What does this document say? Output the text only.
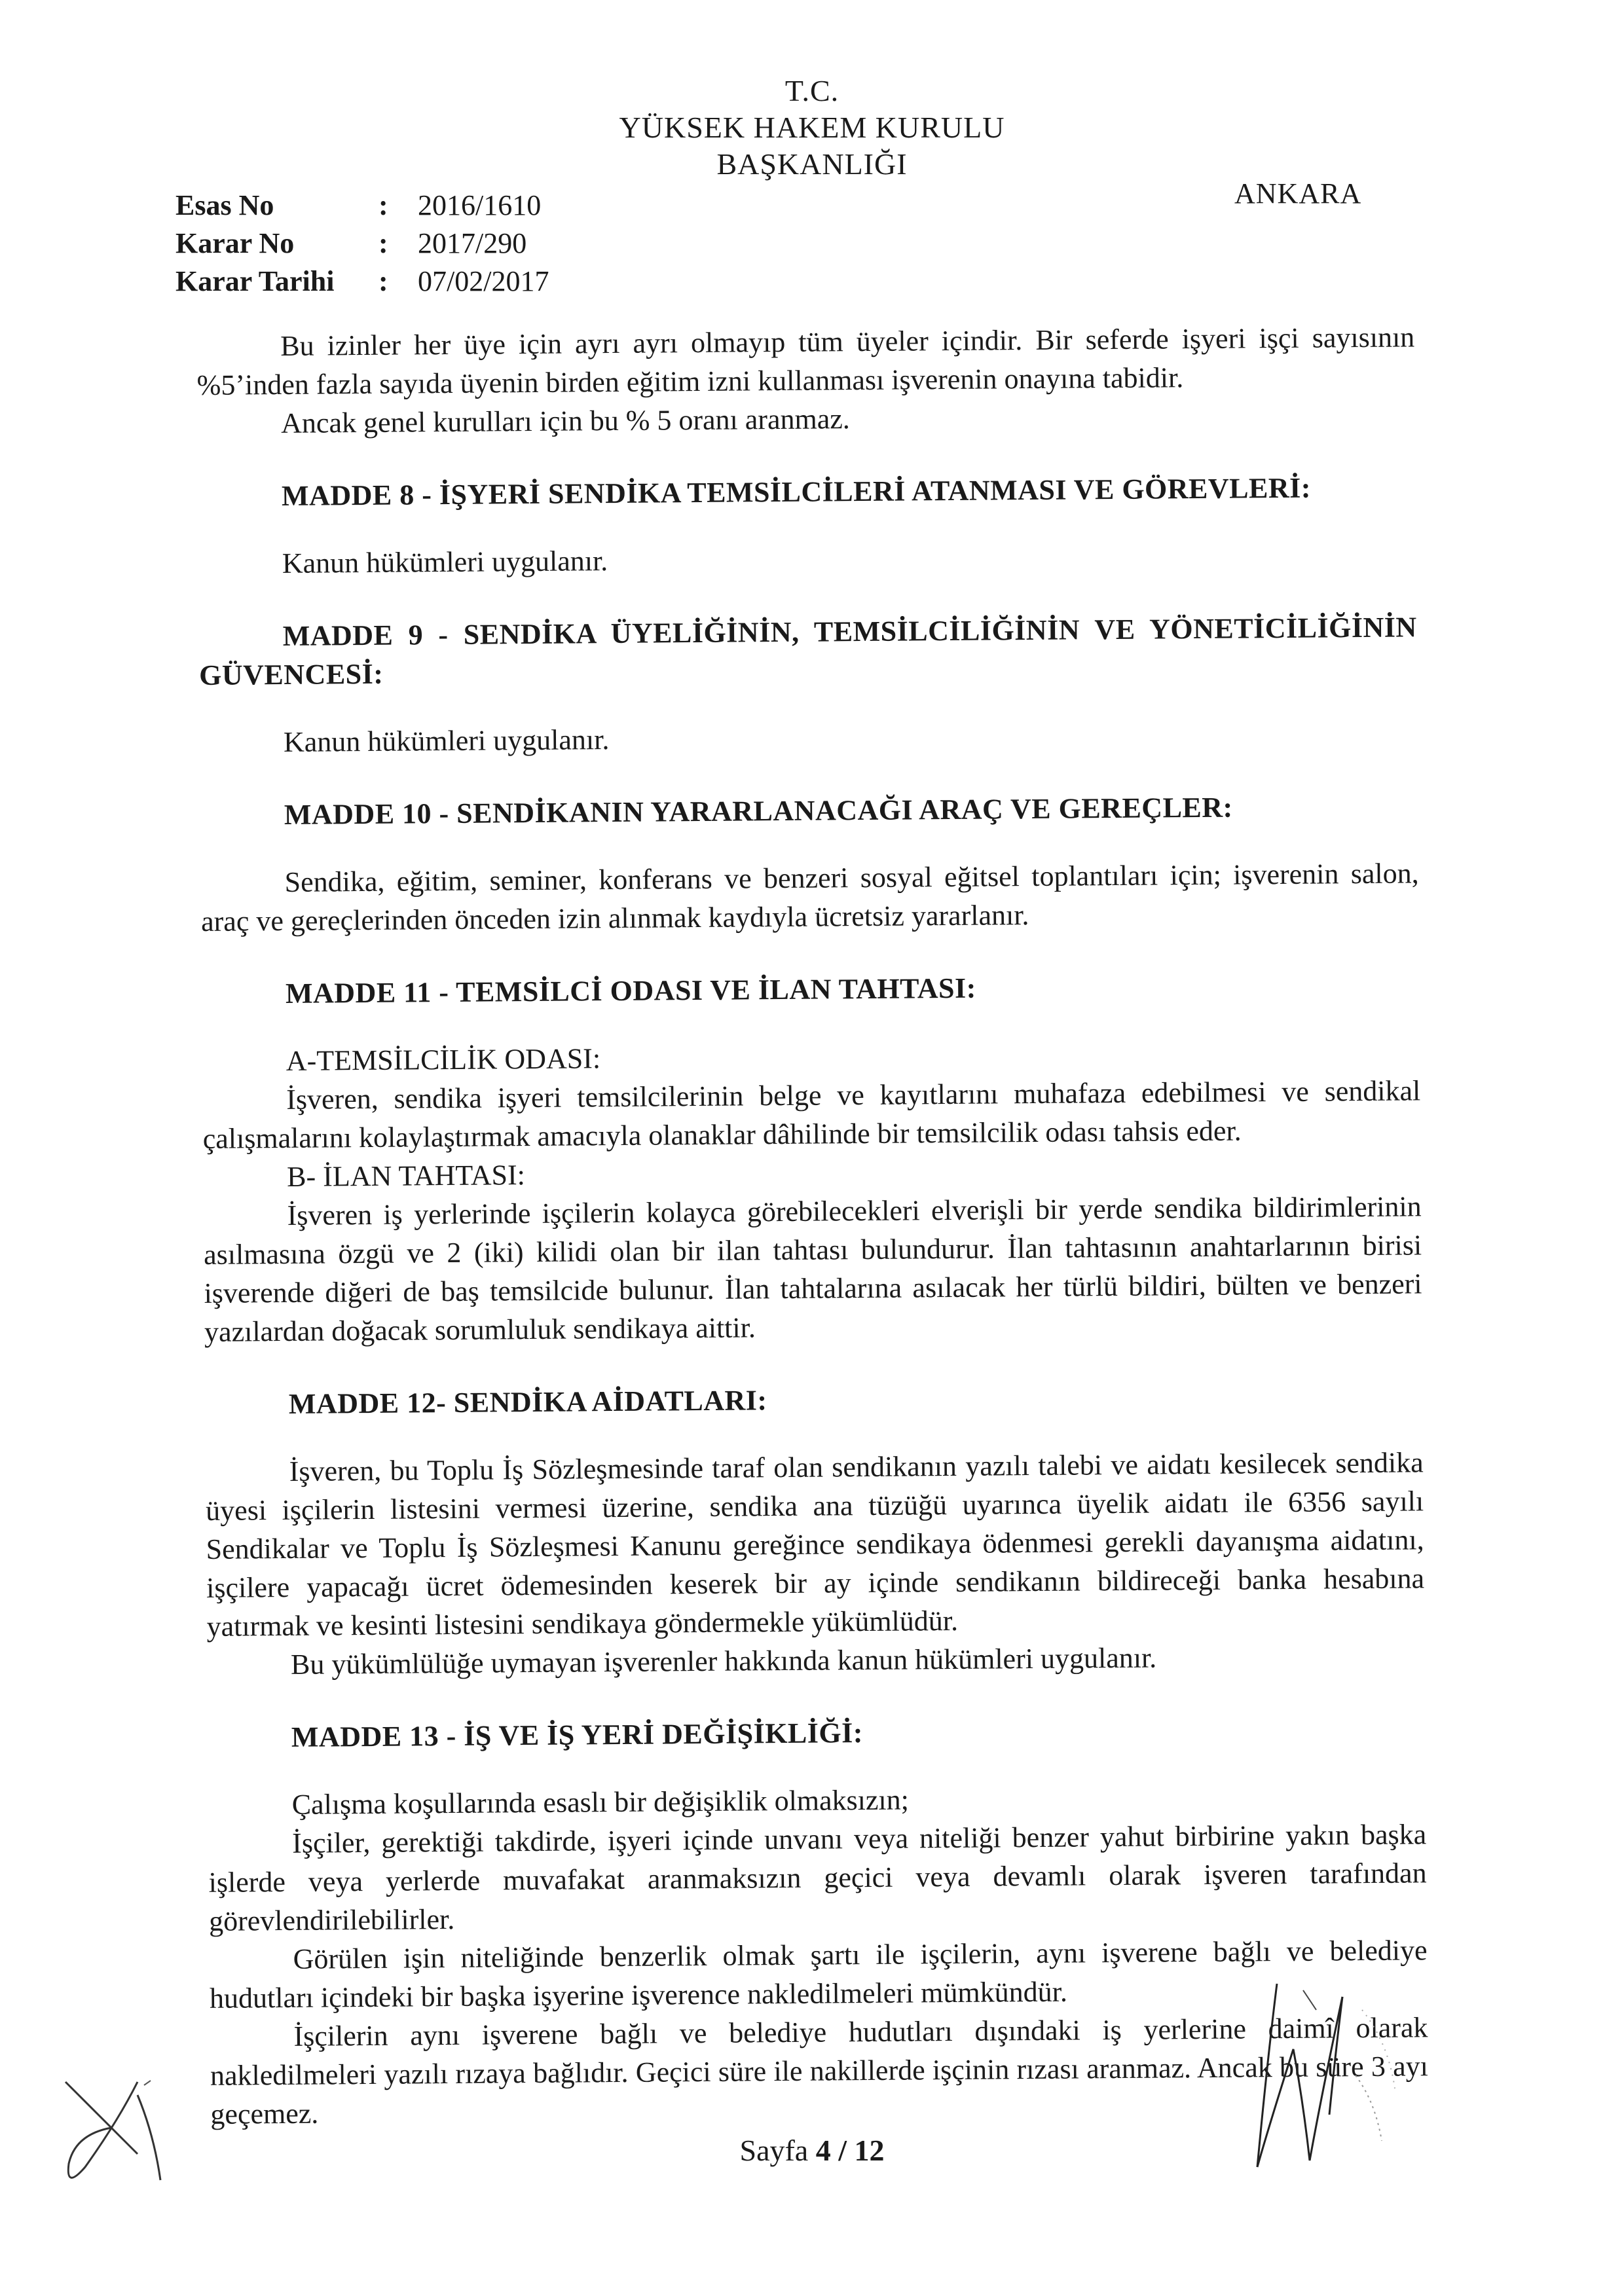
T.C.
YÜKSEK HAKEM KURULU
BAŞKANLIĞI
ANKARA
Esas No	:	2016/1610
Karar No	:	2017/290
Karar Tarihi	:	07/02/2017

Bu izinler her üye için ayrı ayrı olmayıp tüm üyeler içindir. Bir seferde işyeri işçi sayısının %5’inden fazla sayıda üyenin birden eğitim izni kullanması işverenin onayına tabidir.

Ancak genel kurulları için bu % 5 oranı aranmaz.

MADDE 8 - İŞYERİ SENDİKA TEMSİLCİLERİ ATANMASI VE GÖREVLERİ:

Kanun hükümleri uygulanır.

MADDE 9 - SENDİKA ÜYELİĞİNİN, TEMSİLCİLİĞİNİN VE YÖNETİCİLİĞİNİN GÜVENCESİ:

Kanun hükümleri uygulanır.

MADDE 10 - SENDİKANIN YARARLANACAĞI ARAÇ VE GEREÇLER:

Sendika, eğitim, seminer, konferans ve benzeri sosyal eğitsel toplantıları için; işverenin salon, araç ve gereçlerinden önceden izin alınmak kaydıyla ücretsiz yararlanır.

MADDE 11 - TEMSİLCİ ODASI VE İLAN TAHTASI:

A-TEMSİLCİLİK ODASI:

İşveren, sendika işyeri temsilcilerinin belge ve kayıtlarını muhafaza edebilmesi ve sendikal çalışmalarını kolaylaştırmak amacıyla olanaklar dâhilinde bir temsilcilik odası tahsis eder.

B- İLAN TAHTASI:

İşveren iş yerlerinde işçilerin kolayca görebilecekleri elverişli bir yerde sendika bildirimlerinin asılmasına özgü ve 2 (iki) kilidi olan bir ilan tahtası bulundurur. İlan tahtasının anahtarlarının birisi işverende diğeri de baş temsilcide bulunur. İlan tahtalarına asılacak her türlü bildiri, bülten ve benzeri yazılardan doğacak sorumluluk sendikaya aittir.

MADDE 12- SENDİKA AİDATLARI:

İşveren, bu Toplu İş Sözleşmesinde taraf olan sendikanın yazılı talebi ve aidatı kesilecek sendika üyesi işçilerin listesini vermesi üzerine, sendika ana tüzüğü uyarınca üyelik aidatı ile 6356 sayılı Sendikalar ve Toplu İş Sözleşmesi Kanunu gereğince sendikaya ödenmesi gerekli dayanışma aidatını, işçilere yapacağı ücret ödemesinden keserek bir ay içinde sendikanın bildireceği banka hesabına yatırmak ve kesinti listesini sendikaya göndermekle yükümlüdür.

Bu yükümlülüğe uymayan işverenler hakkında kanun hükümleri uygulanır.

MADDE 13 - İŞ VE İŞ YERİ DEĞİŞİKLİĞİ:

Çalışma koşullarında esaslı bir değişiklik olmaksızın;

İşçiler, gerektiği takdirde, işyeri içinde unvanı veya niteliği benzer yahut birbirine yakın başka işlerde veya yerlerde muvafakat aranmaksızın geçici veya devamlı olarak işveren tarafından görevlendirilebilirler.

Görülen işin niteliğinde benzerlik olmak şartı ile işçilerin, aynı işverene bağlı ve belediye hudutları içindeki bir başka işyerine işverence nakledilmeleri mümkündür.

İşçilerin aynı işverene bağlı ve belediye hudutları dışındaki iş yerlerine daimî olarak nakledilmeleri yazılı rızaya bağlıdır. Geçici süre ile nakillerde işçinin rızası aranmaz. Ancak bu süre 3 ayı geçemez.

Sayfa 4 / 12
